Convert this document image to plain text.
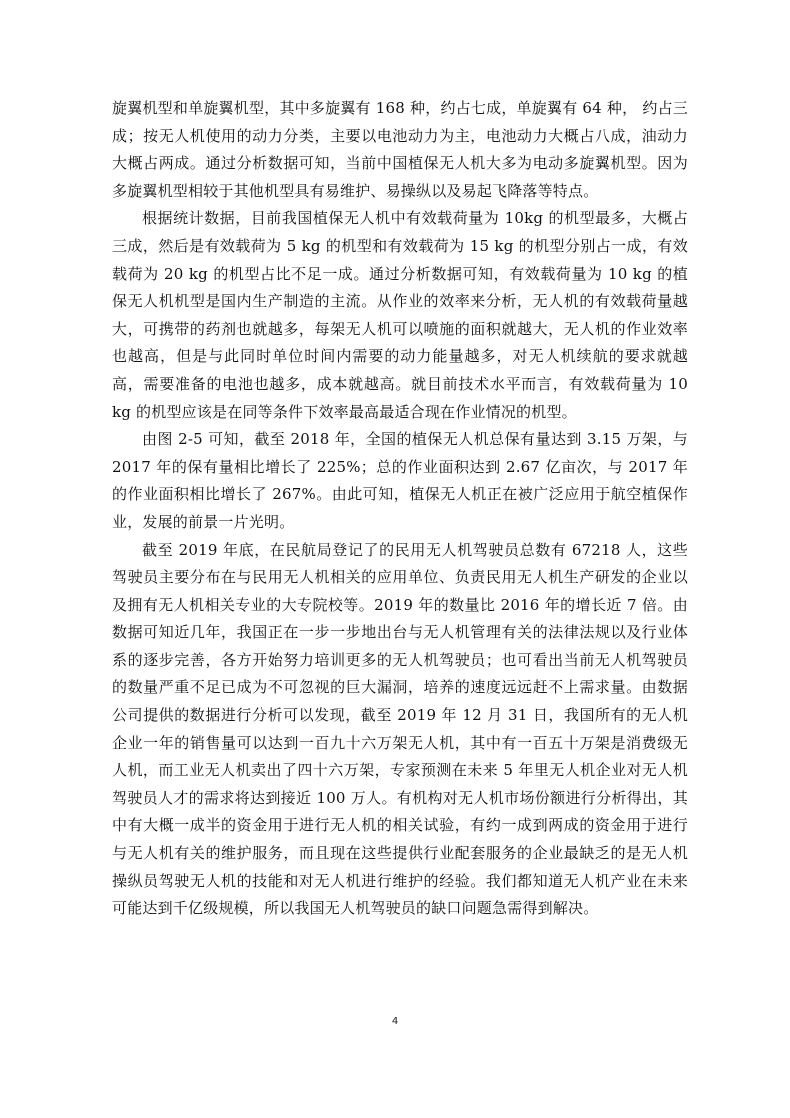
旋翼机型和单旋翼机型，其中多旋翼有 168 种，约占七成，单旋翼有 64 种， 约占三成；按无人机使用的动力分类，主要以电池动力为主，电池动力大概占八成，油动力大概占两成。通过分析数据可知，当前中国植保无人机大多为电动多旋翼机型。因为多旋翼机型相较于其他机型具有易维护、易操纵以及易起飞降落等特点。

根据统计数据，目前我国植保无人机中有效载荷量为 10kg 的机型最多，大概占三成，然后是有效载荷为 5 kg 的机型和有效载荷为 15 kg 的机型分别占一成，有效载荷为 20 kg 的机型占比不足一成。通过分析数据可知，有效载荷量为 10 kg 的植保无人机机型是国内生产制造的主流。从作业的效率来分析，无人机的有效载荷量越大，可携带的药剂也就越多，每架无人机可以喷施的面积就越大，无人机的作业效率也越高，但是与此同时单位时间内需要的动力能量越多，对无人机续航的要求就越高，需要准备的电池也越多，成本就越高。就目前技术水平而言，有效载荷量为 10 kg 的机型应该是在同等条件下效率最高最适合现在作业情况的机型。

由图 2-5 可知，截至 2018 年，全国的植保无人机总保有量达到 3.15 万架，与 2017 年的保有量相比增长了 225%；总的作业面积达到 2.67 亿亩次，与 2017 年的作业面积相比增长了 267%。由此可知，植保无人机正在被广泛应用于航空植保作业，发展的前景一片光明。

截至 2019 年底，在民航局登记了的民用无人机驾驶员总数有 67218 人，这些驾驶员主要分布在与民用无人机相关的应用单位、负责民用无人机生产研发的企业以及拥有无人机相关专业的大专院校等。2019 年的数量比 2016 年的增长近 7 倍。由数据可知近几年，我国正在一步一步地出台与无人机管理有关的法律法规以及行业体系的逐步完善，各方开始努力培训更多的无人机驾驶员；也可看出当前无人机驾驶员的数量严重不足已成为不可忽视的巨大漏洞，培养的速度远远赶不上需求量。由数据公司提供的数据进行分析可以发现，截至 2019 年 12 月 31 日，我国所有的无人机企业一年的销售量可以达到一百九十六万架无人机，其中有一百五十万架是消费级无人机，而工业无人机卖出了四十六万架，专家预测在未来 5 年里无人机企业对无人机驾驶员人才的需求将达到接近 100 万人。有机构对无人机市场份额进行分析得出，其中有大概一成半的资金用于进行无人机的相关试验，有约一成到两成的资金用于进行与无人机有关的维护服务，而且现在这些提供行业配套服务的企业最缺乏的是无人机操纵员驾驶无人机的技能和对无人机进行维护的经验。我们都知道无人机产业在未来可能达到千亿级规模，所以我国无人机驾驶员的缺口问题急需得到解决。

4
